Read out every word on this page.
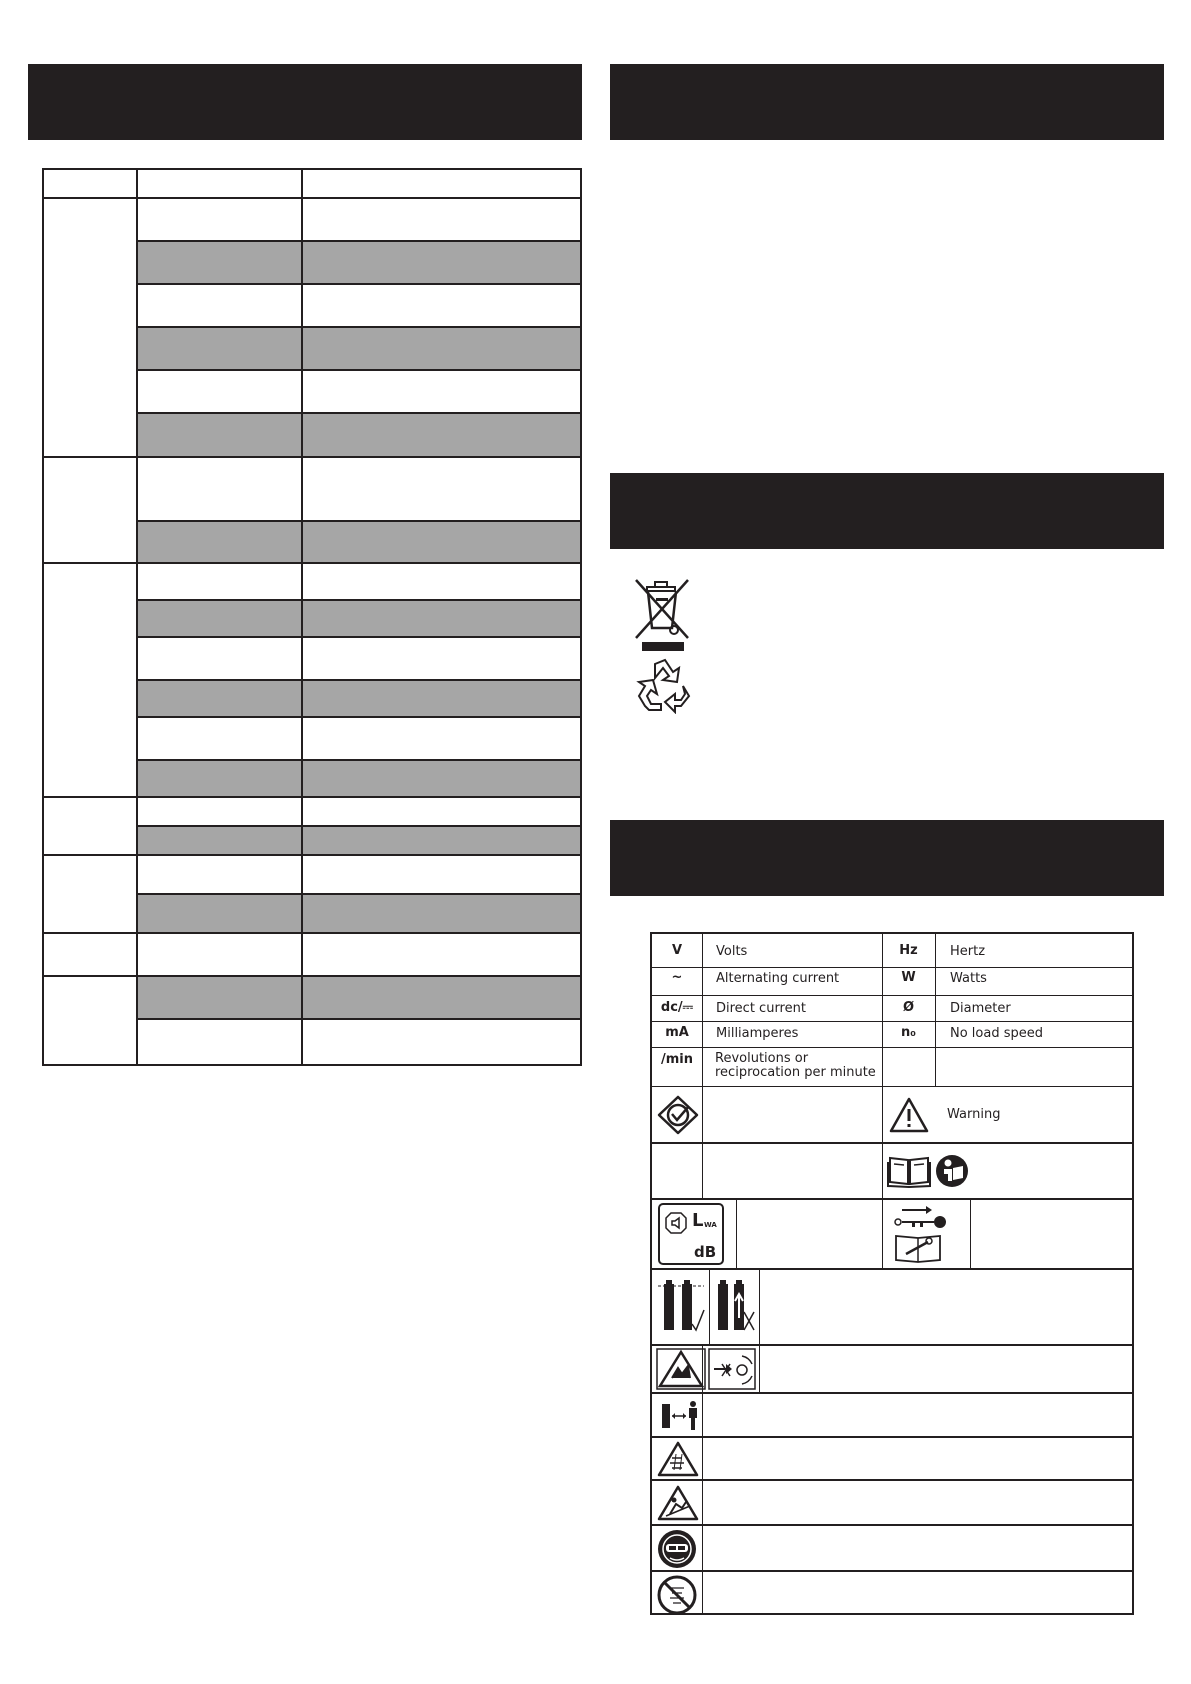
V	Volts	Hz	Hertz
~	Alternating current	W	Watts
dc/⎓	Direct current	Ø	Diameter
mA	Milliamperes	n₀	No load speed
/min	Revolutions or
reciprocation per minute
Warning
L WA
dB
